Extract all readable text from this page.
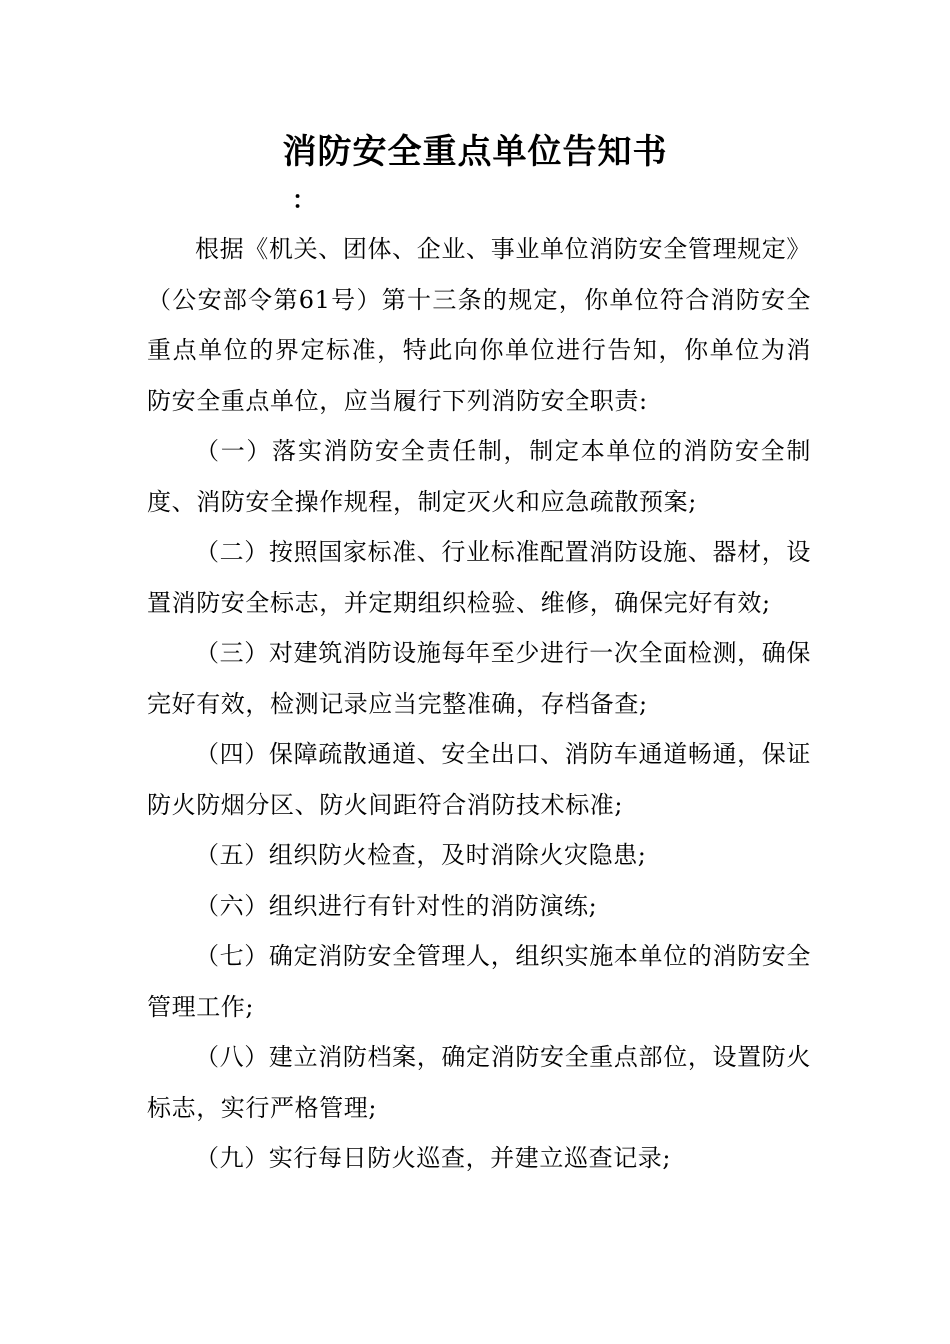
消防安全重点单位告知书
：

根据《机关、团体、企业、事业单位消防安全管理规定》（公安部令第61号）第十三条的规定，你单位符合消防安全重点单位的界定标准，特此向你单位进行告知，你单位为消防安全重点单位，应当履行下列消防安全职责:

（一）落实消防安全责任制，制定本单位的消防安全制度、消防安全操作规程，制定灭火和应急疏散预案;

（二）按照国家标准、行业标准配置消防设施、器材，设置消防安全标志，并定期组织检验、维修，确保完好有效;

（三）对建筑消防设施每年至少进行一次全面检测，确保完好有效，检测记录应当完整准确，存档备查;

（四）保障疏散通道、安全出口、消防车通道畅通，保证防火防烟分区、防火间距符合消防技术标准;

（五）组织防火检查，及时消除火灾隐患;

（六）组织进行有针对性的消防演练;

（七）确定消防安全管理人，组织实施本单位的消防安全管理工作;

（八）建立消防档案，确定消防安全重点部位，设置防火标志，实行严格管理;

（九）实行每日防火巡查，并建立巡查记录;
